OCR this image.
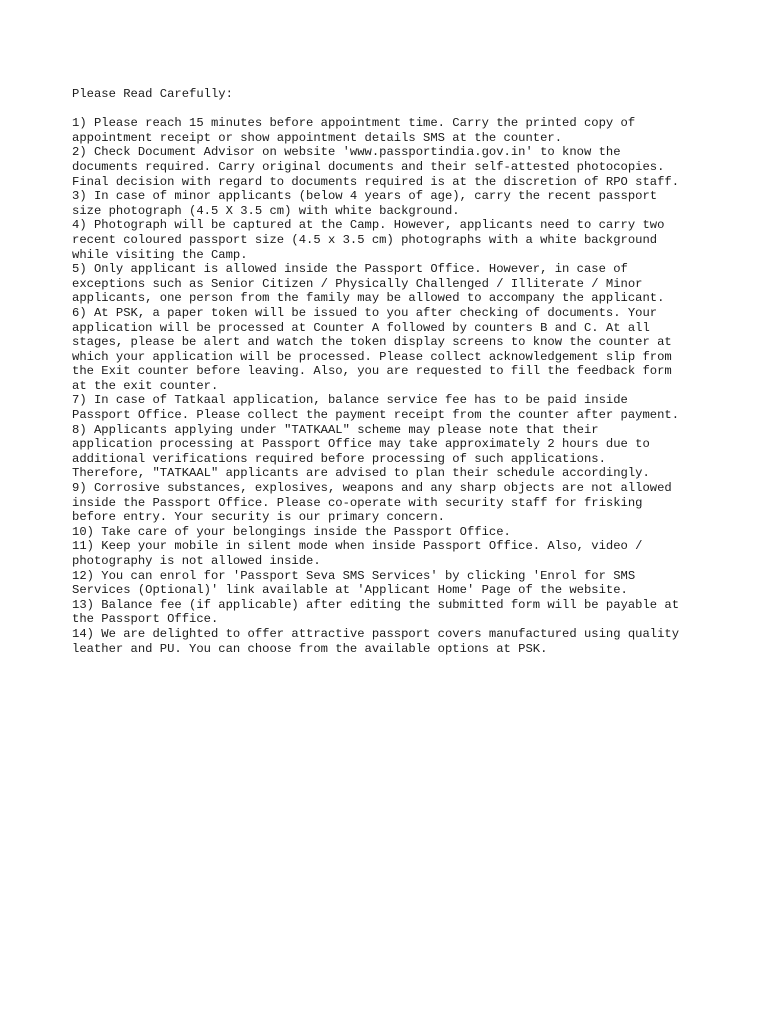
Please Read Carefully:
1) Please reach 15 minutes before appointment time. Carry the printed copy of
appointment receipt or show appointment details SMS at the counter.
2) Check Document Advisor on website 'www.passportindia.gov.in' to know the
documents required. Carry original documents and their self-attested photocopies.
Final decision with regard to documents required is at the discretion of RPO staff.
3) In case of minor applicants (below 4 years of age), carry the recent passport
size photograph (4.5 X 3.5 cm) with white background.
4) Photograph will be captured at the Camp. However, applicants need to carry two
recent coloured passport size (4.5 x 3.5 cm) photographs with a white background
while visiting the Camp.
5) Only applicant is allowed inside the Passport Office. However, in case of
exceptions such as Senior Citizen / Physically Challenged / Illiterate / Minor
applicants, one person from the family may be allowed to accompany the applicant.
6) At PSK, a paper token will be issued to you after checking of documents. Your
application will be processed at Counter A followed by counters B and C. At all
stages, please be alert and watch the token display screens to know the counter at
which your application will be processed. Please collect acknowledgement slip from
the Exit counter before leaving. Also, you are requested to fill the feedback form
at the exit counter.
7) In case of Tatkaal application, balance service fee has to be paid inside
Passport Office. Please collect the payment receipt from the counter after payment.
8) Applicants applying under "TATKAAL" scheme may please note that their
application processing at Passport Office may take approximately 2 hours due to
additional verifications required before processing of such applications.
Therefore, "TATKAAL" applicants are advised to plan their schedule accordingly.
9) Corrosive substances, explosives, weapons and any sharp objects are not allowed
inside the Passport Office. Please co-operate with security staff for frisking
before entry. Your security is our primary concern.
10) Take care of your belongings inside the Passport Office.
11) Keep your mobile in silent mode when inside Passport Office. Also, video /
photography is not allowed inside.
12) You can enrol for 'Passport Seva SMS Services' by clicking 'Enrol for SMS
Services (Optional)' link available at 'Applicant Home' Page of the website.
13) Balance fee (if applicable) after editing the submitted form will be payable at
the Passport Office.
14) We are delighted to offer attractive passport covers manufactured using quality
leather and PU. You can choose from the available options at PSK.
